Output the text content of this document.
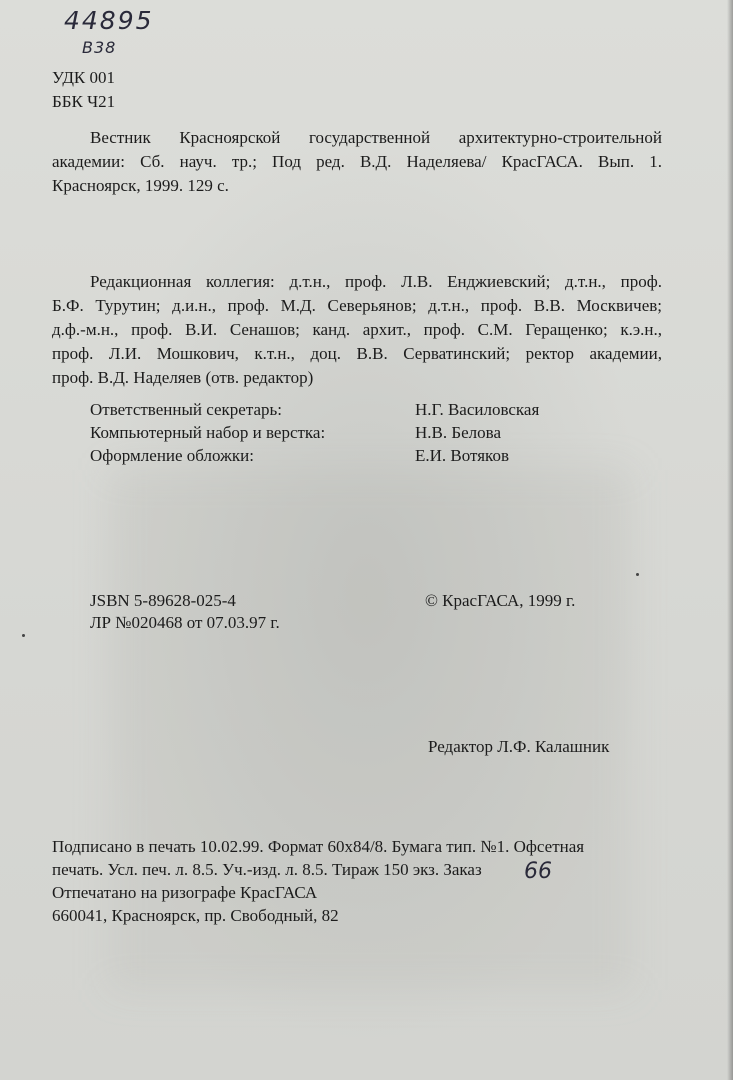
44895
В38
УДК 001
ББК Ч21
Вестник Красноярской государственной архитектурно-строительной
академии: Сб. науч. тр.; Под ред. В.Д. Наделяева/ КрасГАСА. Вып. 1.
Красноярск, 1999. 129 с.
Редакционная коллегия: д.т.н., проф. Л.В. Енджиевский; д.т.н., проф.
Б.Ф. Турутин; д.и.н., проф. М.Д. Северьянов; д.т.н., проф. В.В. Москвичев;
д.ф.-м.н., проф. В.И. Сенашов; канд. архит., проф. С.М. Геращенко; к.э.н.,
проф. Л.И. Мошкович, к.т.н., доц. В.В. Серватинский; ректор академии,
проф. В.Д. Наделяев (отв. редактор)
Ответственный секретарь:	Н.Г. Василовская
Компьютерный набор и верстка:	Н.В. Белова
Оформление обложки:	Е.И. Вотяков
JSBN 5-89628-025-4
ЛР №020468 от 07.03.97 г.
© КрасГАСА, 1999 г.
Редактор Л.Ф. Калашник
Подписано в печать 10.02.99. Формат 60х84/8. Бумага тип. №1. Офсетная
печать. Усл. печ. л. 8.5. Уч.-изд. л. 8.5. Тираж 150 экз. Заказ 66
Отпечатано на ризографе КрасГАСА
660041, Красноярск, пр. Свободный, 82
